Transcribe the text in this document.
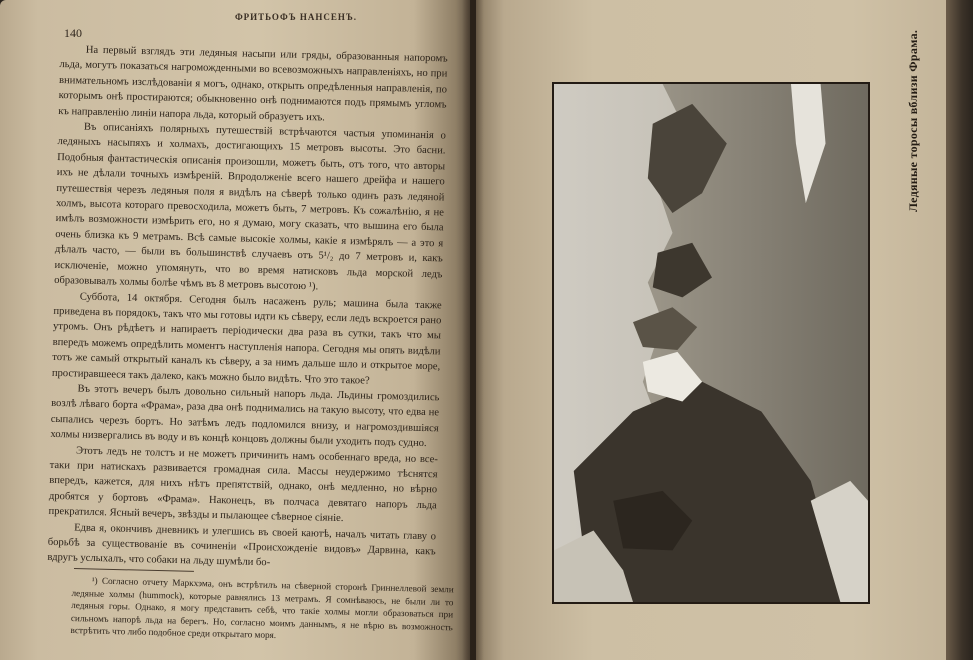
ФРИТЬОФЪ НАНСЕНЪ.
140

На первый взглядъ эти ледяныя насыпи или гряды, образованныя напоромъ льда, могутъ показаться нагроможденными во всевозможныхъ направленіяхъ, но при внимательномъ изслѣдованіи я могъ, однако, открыть опредѣленныя направленія, по которымъ онѣ простираются; обыкновенно онѣ поднимаются подъ прямымъ угломъ къ направленію линіи напора льда, который образуетъ ихъ.

Въ описаніяхъ полярныхъ путешествій встрѣчаются частыя упоминанія о ледяныхъ насыпяхъ и холмахъ, достигающихъ 15 метровъ высоты. Это басни. Подобныя фантастическія описанія произошли, можетъ быть, отъ того, что авторы ихъ не дѣлали точныхъ измѣреній. Впродолженіе всего нашего дрейфа и нашего путешествія черезъ ледяныя поля я видѣлъ на сѣверѣ только одинъ разъ ледяной холмъ, высота котораго превосходила, можетъ быть, 7 метровъ. Къ сожалѣнію, я не имѣлъ возможности измѣрить его, но я думаю, могу сказать, что вышина его была очень близка къ 9 метрамъ. Всѣ самые высокіе холмы, какіе я измѣрялъ — а это я дѣлалъ часто, — были въ большинствѣ случаевъ отъ 5¹/₂ до 7 метровъ и, какъ исключеніе, можно упомянуть, что во время натисковъ льда морской ледъ образовывалъ холмы болѣе чѣмъ въ 8 метровъ высотою ¹).

Суббота, 14 октября. Сегодня былъ насаженъ руль; машина была также приведена въ порядокъ, такъ что мы готовы идти къ сѣверу, если ледъ вскроется рано утромъ. Онъ рѣдѣетъ и напираетъ періодически два раза въ сутки, такъ что мы впередъ можемъ опредѣлить моментъ наступленія напора. Сегодня мы опять видѣли тотъ же самый открытый каналъ къ сѣверу, а за нимъ дальше шло и открытое море, простиравшееся такъ далеко, какъ можно было видѣть. Что это такое?

Въ этотъ вечеръ былъ довольно сильный напоръ льда. Льдины громоздились возлѣ лѣваго борта «Фрама», раза два онѣ поднимались на такую высоту, что едва не сыпались черезъ бортъ. Но затѣмъ ледъ подломился внизу, и нагромоздившіяся холмы низвергались въ воду и въ концѣ концовъ должны были уходить подъ судно.

Этотъ ледъ не толстъ и не можетъ причинить намъ особеннаго вреда, но все-таки при натискахъ развивается громадная сила. Массы неудержимо тѣснятся впередъ, кажется, для нихъ нѣтъ препятствій, однако, онѣ медленно, но вѣрно дробятся у бортовъ «Фрама». Наконецъ, въ полчаса девятаго напоръ льда прекратился. Ясный вечеръ, звѣзды и пылающее сѣверное сіяніе.

Едва я, окончивъ дневникъ и улегшись въ своей каютѣ, началъ читать главу о борьбѣ за существованіе въ сочиненіи «Происхожденіе видовъ» Дарвина, какъ вдругъ услыхалъ, что собаки на льду шумѣли бо-

¹) Согласно отчету Маркхэма, онъ встрѣтилъ на сѣверной сторонѣ Гриннеллевой земли ледяные холмы (hummock), которые равнялись 13 метрамъ. Я сомнѣваюсь, не были ли то ледяныя горы. Однако, я могу представить себѣ, что такіе холмы могли образоваться при сильномъ напорѣ льда на берегъ. Но, согласно моимъ даннымъ, я не вѣрю въ возможность встрѣтить что либо подобное среди открытаго моря.

Ледяные торосы вблизи Фрама.
